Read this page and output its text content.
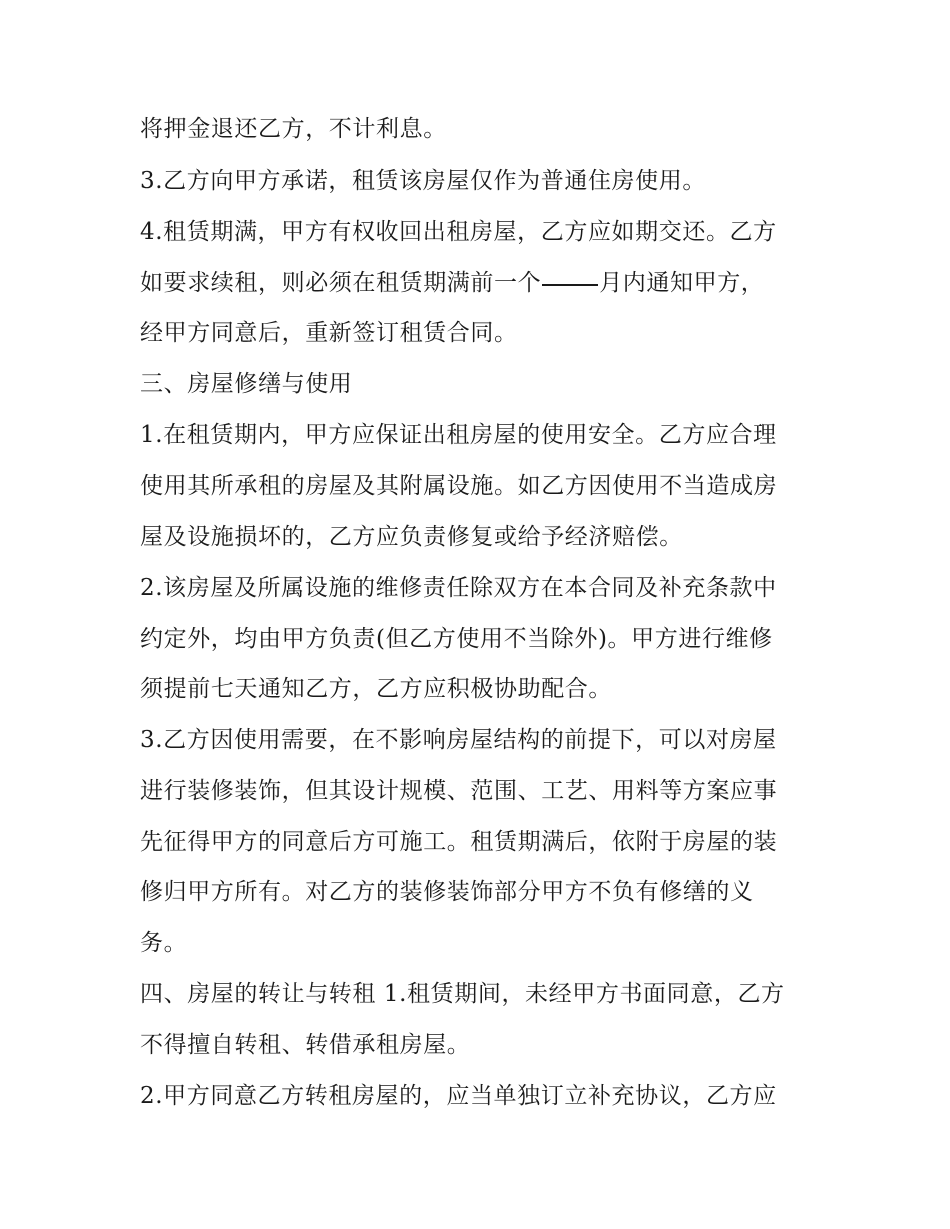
将押金退还乙方，不计利息。
3.乙方向甲方承诺，租赁该房屋仅作为普通住房使用。
4.租赁期满，甲方有权收回出租房屋，乙方应如期交还。乙方
如要求续租，则必须在租赁期满前一个	月内通知甲方，
经甲方同意后，重新签订租赁合同。
三、房屋修缮与使用
1.在租赁期内，甲方应保证出租房屋的使用安全。乙方应合理
使用其所承租的房屋及其附属设施。如乙方因使用不当造成房
屋及设施损坏的，乙方应负责修复或给予经济赔偿。
2.该房屋及所属设施的维修责任除双方在本合同及补充条款中
约定外，均由甲方负责(但乙方使用不当除外)。甲方进行维修
须提前七天通知乙方，乙方应积极协助配合。
3.乙方因使用需要，在不影响房屋结构的前提下，可以对房屋
进行装修装饰，但其设计规模、范围、工艺、用料等方案应事
先征得甲方的同意后方可施工。租赁期满后，依附于房屋的装
修归甲方所有。对乙方的装修装饰部分甲方不负有修缮的义
务。
四、房屋的转让与转租 1.租赁期间，未经甲方书面同意，乙方
不得擅自转租、转借承租房屋。
2.甲方同意乙方转租房屋的，应当单独订立补充协议，乙方应
